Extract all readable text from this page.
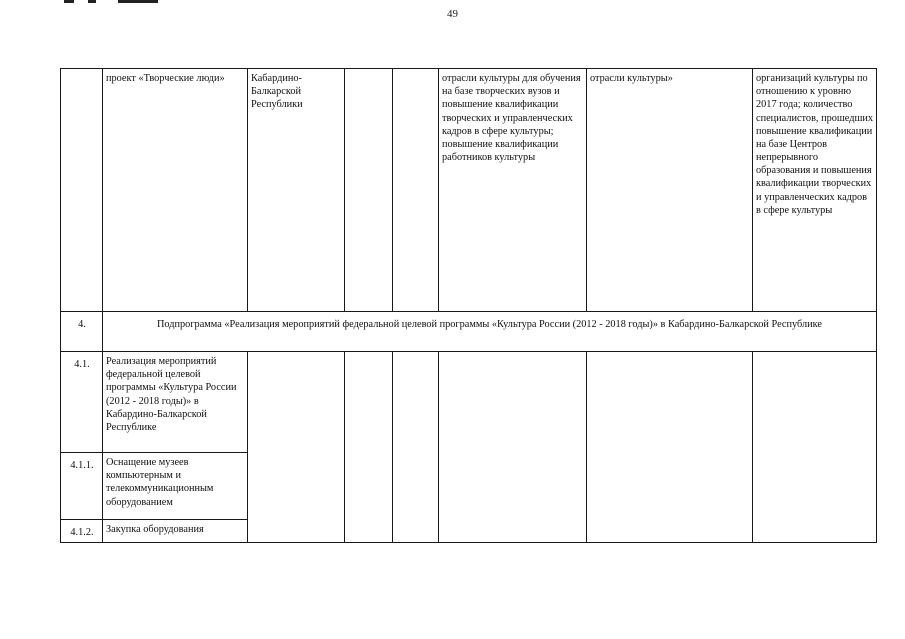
49
	проект «Творческие люди»	Кабардино-Балкарской Республики			отрасли культуры для обучения на базе творческих вузов и повышение квалификации творческих и управленческих кадров в сфере культуры; повышение квалификации работников культуры	отрасли культуры»	организаций культуры по отношению к уровню 2017 года; количество специалистов, прошедших повышение квалификации на базе Центров непрерывного образования и повышения квалификации творческих и управленческих кадров в сфере культуры
4.	Подпрограмма «Реализация мероприятий федеральной целевой программы «Культура России (2012 - 2018 годы)» в Кабардино-Балкарской Республике						
4.1.	Реализация мероприятий федеральной целевой программы «Культура России (2012 - 2018 годы)» в Кабардино-Балкарской Республике						
4.1.1.	Оснащение музеев компьютерным и телекоммуникационным оборудованием						
4.1.2.	Закупка оборудования						
